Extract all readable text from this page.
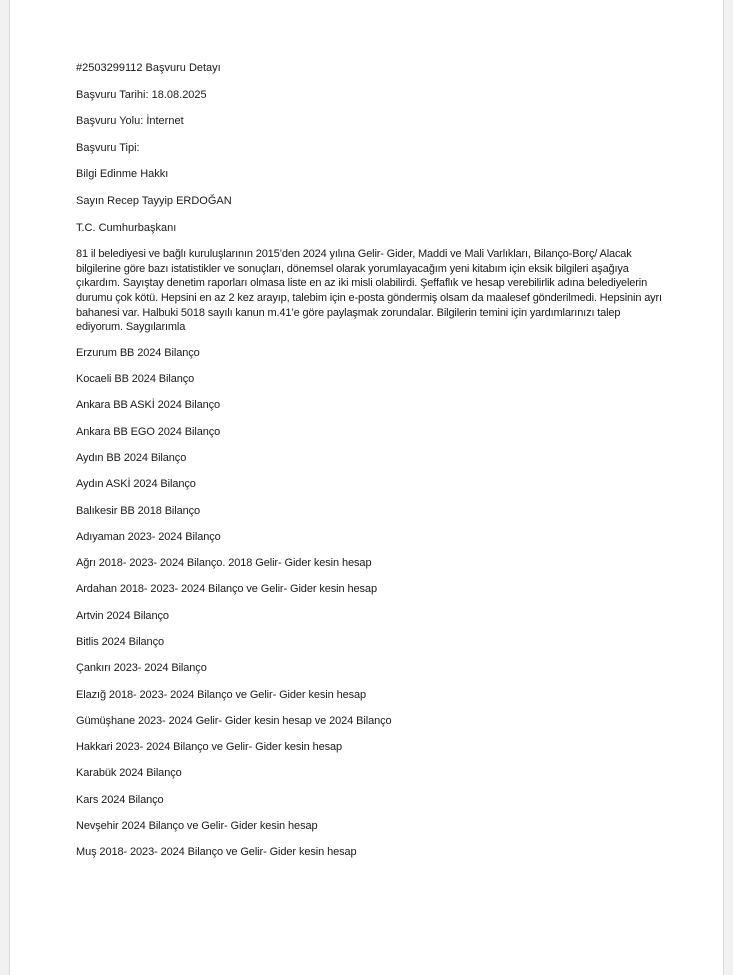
#2503299112 Başvuru Detayı
Başvuru Tarihi: 18.08.2025
Başvuru Yolu: İnternet
Başvuru Tipi:
Bilgi Edinme Hakkı
Sayın Recep Tayyip ERDOĞAN
T.C. Cumhurbaşkanı
81 il belediyesi ve bağlı kuruluşlarının 2015’den 2024 yılına Gelir- Gider, Maddi ve Mali Varlıkları, Bilanço-Borç/ Alacak bilgilerine göre bazı istatistikler ve sonuçları, dönemsel olarak yorumlayacağım yeni kitabım için eksik bilgileri aşağıya çıkardım. Sayıştay denetim raporları olmasa liste en az iki misli olabilirdi. Şeffaflık ve hesap verebilirlik adına belediyelerin durumu çok kötü. Hepsini en az 2 kez arayıp, talebim için e-posta göndermiş olsam da maalesef gönderilmedi. Hepsinin ayrı bahanesi var. Halbuki 5018 sayılı kanun m.41’e göre paylaşmak zorundalar. Bilgilerin temini için yardımlarınızı talep ediyorum. Saygılarımla
Erzurum BB 2024 Bilanço
Kocaeli BB 2024 Bilanço
Ankara BB ASKİ 2024 Bilanço
Ankara BB EGO 2024 Bilanço
Aydın BB 2024 Bilanço
Aydın ASKİ 2024 Bilanço
Balıkesir BB 2018 Bilanço
Adıyaman 2023- 2024 Bilanço
Ağrı 2018- 2023- 2024 Bilanço. 2018 Gelir- Gider kesin hesap
Ardahan 2018- 2023- 2024 Bilanço ve Gelir- Gider kesin hesap
Artvin 2024 Bilanço
Bitlis 2024 Bilanço
Çankırı 2023- 2024 Bilanço
Elazığ 2018- 2023- 2024 Bilanço ve Gelir- Gider kesin hesap
Gümüşhane 2023- 2024 Gelir- Gider kesin hesap ve 2024 Bilanço
Hakkari 2023- 2024 Bilanço ve Gelir- Gider kesin hesap
Karabük 2024 Bilanço
Kars 2024 Bilanço
Nevşehir 2024 Bilanço ve Gelir- Gider kesin hesap
Muş 2018- 2023- 2024 Bilanço ve Gelir- Gider kesin hesap
